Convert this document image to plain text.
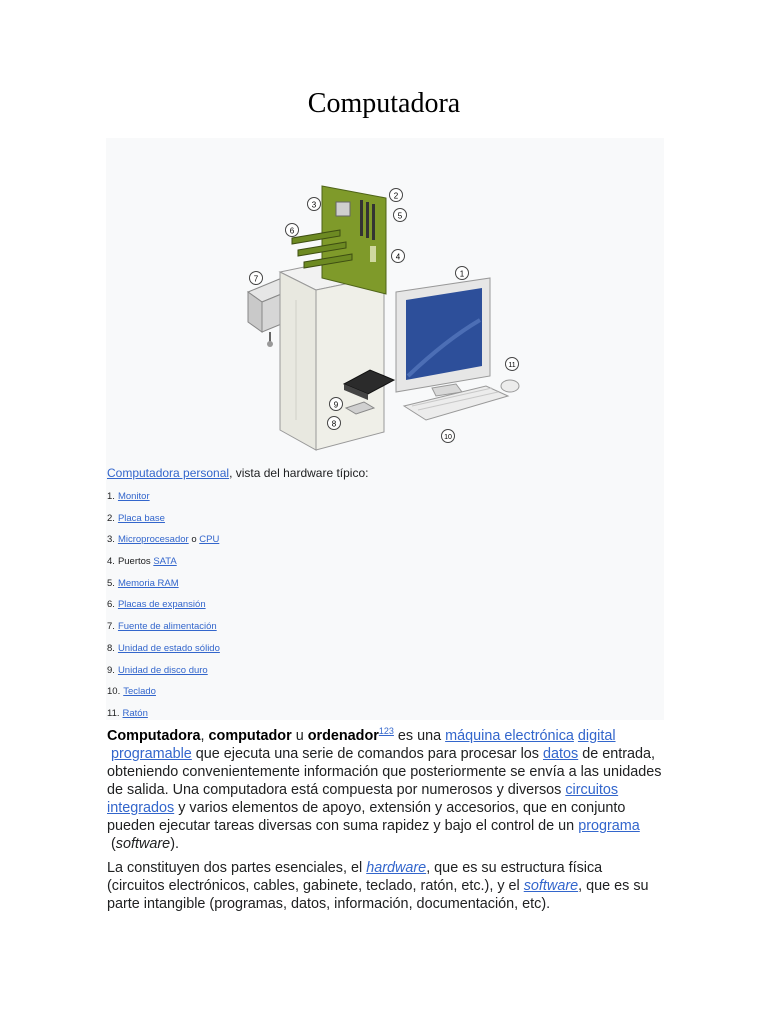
Computadora
1
2
3
4
5
6
7
8
9
10
11
Computadora personal, vista del hardware típico:
1. Monitor
2. Placa base
3. Microprocesador o CPU
4. Puertos SATA
5. Memoria RAM
6. Placas de expansión
7. Fuente de alimentación
8. Unidad de estado sólido
9. Unidad de disco duro
10. Teclado
11. Ratón

Computadora, computador u ordenador$^{123}$ es una máquina electrónica digital programable que ejecuta una serie de comandos para procesar los datos de entrada, obteniendo convenientemente información que posteriormente se envía a las unidades de salida. Una computadora está compuesta por numerosos y diversos circuitos integrados y varios elementos de apoyo, extensión y accesorios, que en conjunto pueden ejecutar tareas diversas con suma rapidez y bajo el control de un programa (software).

La constituyen dos partes esenciales, el hardware, que es su estructura física (circuitos electrónicos, cables, gabinete, teclado, ratón, etc.), y el software, que es su parte intangible (programas, datos, información, documentación, etc).
